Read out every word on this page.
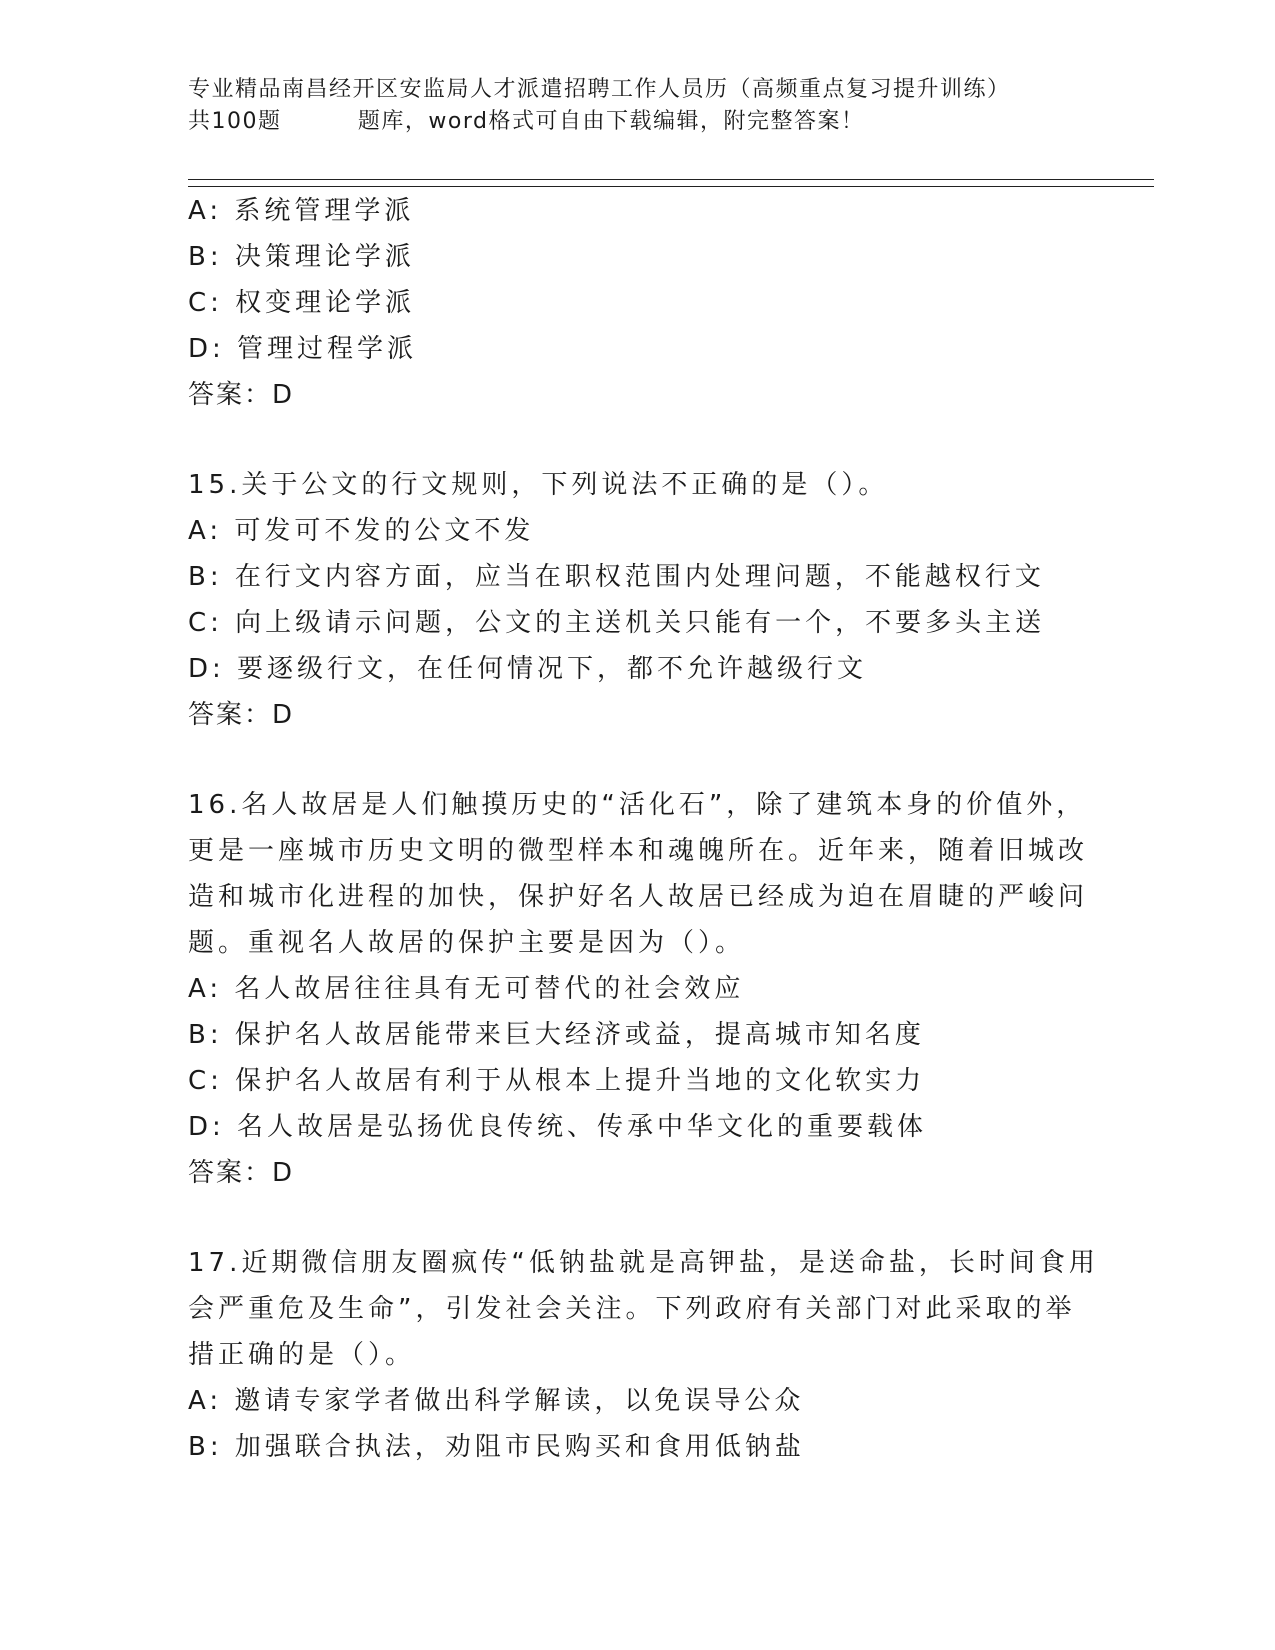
专业精品南昌经开区安监局人才派遣招聘工作人员历（高频重点复习提升训练）
共100题         题库，word格式可自由下载编辑，附完整答案！
A: 系统管理学派
B: 决策理论学派
C: 权变理论学派
D: 管理过程学派
答案：D
15.关于公文的行文规则，下列说法不正确的是（）。
A: 可发可不发的公文不发
B: 在行文内容方面，应当在职权范围内处理问题，不能越权行文
C: 向上级请示问题，公文的主送机关只能有一个，不要多头主送
D: 要逐级行文，在任何情况下，都不允许越级行文
答案：D
16.名人故居是人们触摸历史的“活化石”，除了建筑本身的价值外，
更是一座城市历史文明的微型样本和魂魄所在。近年来，随着旧城改
造和城市化进程的加快，保护好名人故居已经成为迫在眉睫的严峻问
题。重视名人故居的保护主要是因为（）。
A: 名人故居往往具有无可替代的社会效应
B: 保护名人故居能带来巨大经济或益，提高城市知名度
C: 保护名人故居有利于从根本上提升当地的文化软实力
D: 名人故居是弘扬优良传统、传承中华文化的重要载体
答案：D
17.近期微信朋友圈疯传“低钠盐就是高钾盐，是送命盐，长时间食用
会严重危及生命”，引发社会关注。下列政府有关部门对此采取的举
措正确的是（）。
A: 邀请专家学者做出科学解读，以免误导公众
B: 加强联合执法，劝阻市民购买和食用低钠盐
